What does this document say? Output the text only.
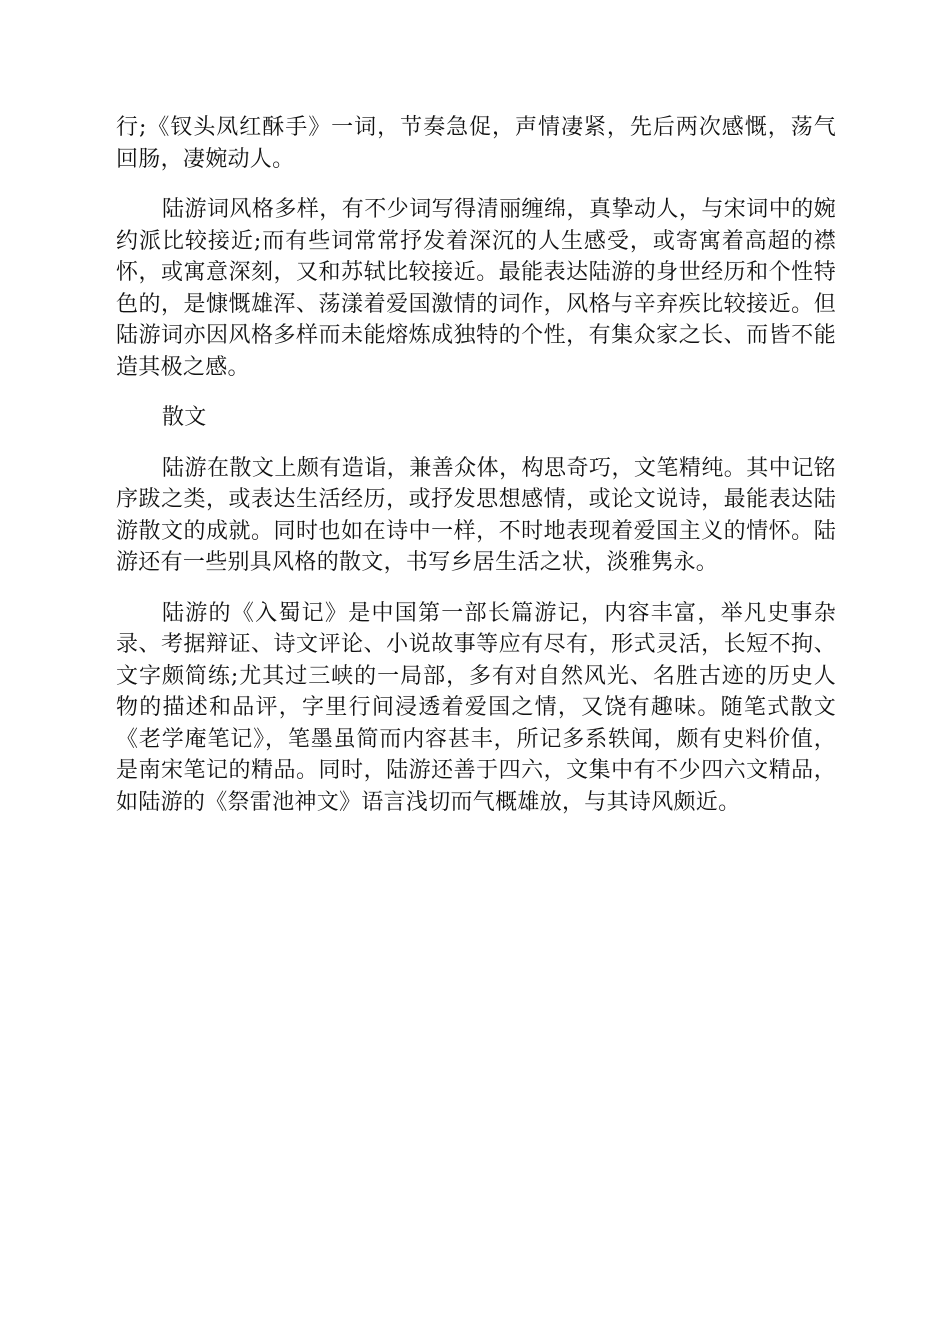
行;《钗头凤红酥手》一词，节奏急促，声情凄紧，先后两次感慨，荡气回肠，凄婉动人。

陆游词风格多样，有不少词写得清丽缠绵，真挚动人，与宋词中的婉约派比较接近;而有些词常常抒发着深沉的人生感受，或寄寓着高超的襟怀，或寓意深刻，又和苏轼比较接近。最能表达陆游的身世经历和个性特色的，是慷慨雄浑、荡漾着爱国激情的词作，风格与辛弃疾比较接近。但陆游词亦因风格多样而未能熔炼成独特的个性，有集众家之长、而皆不能造其极之感。

散文

陆游在散文上颇有造诣，兼善众体，构思奇巧，文笔精纯。其中记铭序跋之类，或表达生活经历，或抒发思想感情，或论文说诗，最能表达陆游散文的成就。同时也如在诗中一样，不时地表现着爱国主义的情怀。陆游还有一些别具风格的散文，书写乡居生活之状，淡雅隽永。

陆游的《入蜀记》是中国第一部长篇游记，内容丰富，举凡史事杂录、考据辩证、诗文评论、小说故事等应有尽有，形式灵活，长短不拘、文字颇简练;尤其过三峡的一局部，多有对自然风光、名胜古迹的历史人物的描述和品评，字里行间浸透着爱国之情，又饶有趣味。随笔式散文《老学庵笔记》，笔墨虽简而内容甚丰，所记多系轶闻，颇有史料价值，是南宋笔记的精品。同时，陆游还善于四六，文集中有不少四六文精品，如陆游的《祭雷池神文》语言浅切而气概雄放，与其诗风颇近。
